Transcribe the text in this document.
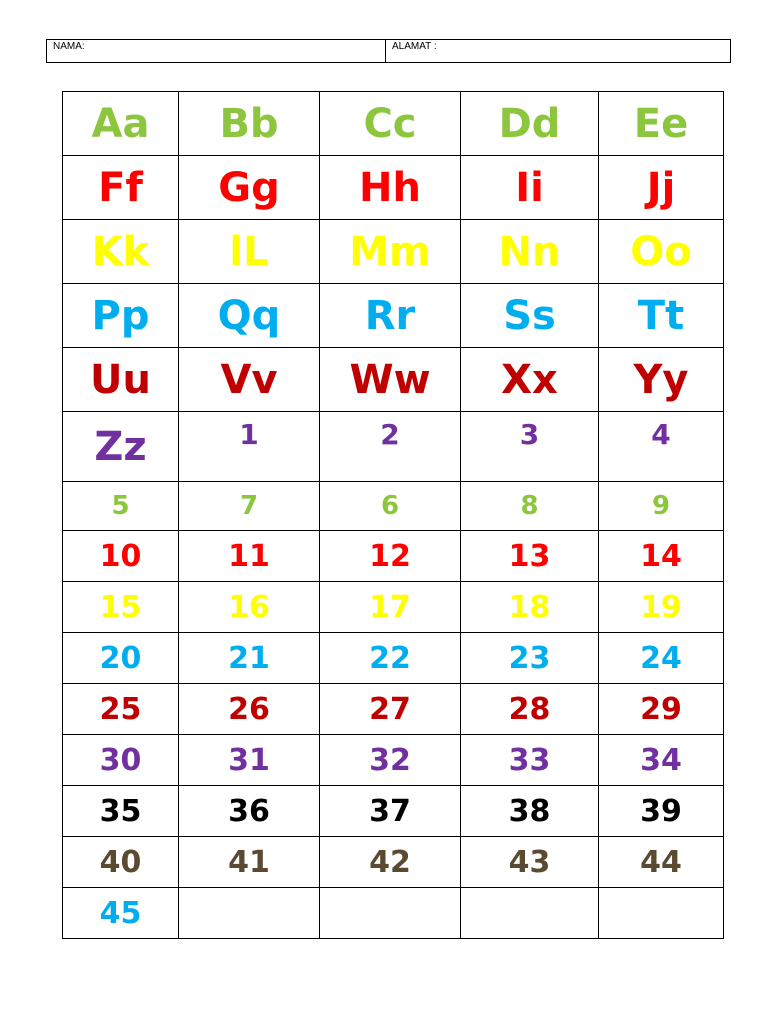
NAMA:	ALAMAT :
Aa	Bb	Cc	Dd	Ee
Ff	Gg	Hh	Ii	Jj
Kk	lL	Mm	Nn	Oo
Pp	Qq	Rr	Ss	Tt
Uu	Vv	Ww	Xx	Yy
Zz	1	2	3	4
5	7	6	8	9
10	11	12	13	14
15	16	17	18	19
20	21	22	23	24
25	26	27	28	29
30	31	32	33	34
35	36	37	38	39
40	41	42	43	44
45				
